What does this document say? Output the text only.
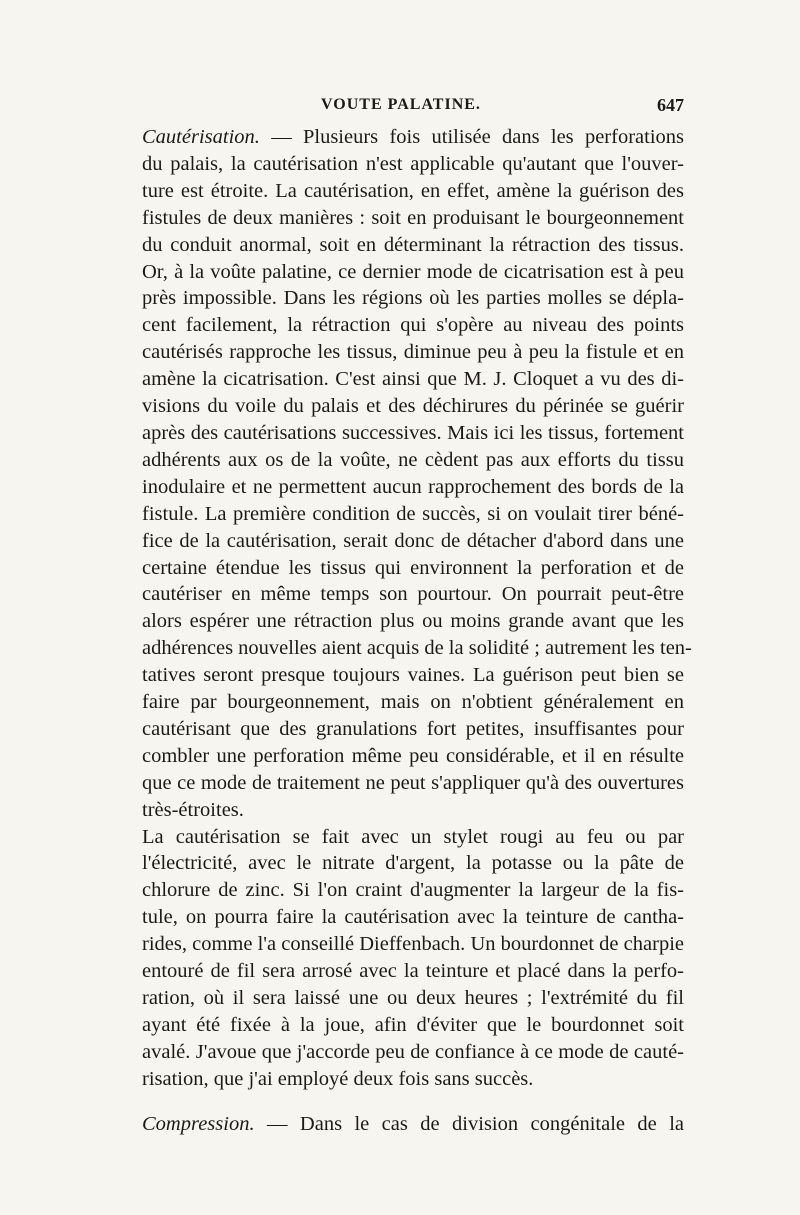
VOUTE PALATINE.	647

Cautérisation. — Plusieurs fois utilisée dans les perforations
du palais, la cautérisation n'est applicable qu'autant que l'ouver-
ture est étroite. La cautérisation, en effet, amène la guérison des
fistules de deux manières : soit en produisant le bourgeonnement
du conduit anormal, soit en déterminant la rétraction des tissus.
Or, à la voûte palatine, ce dernier mode de cicatrisation est à peu
près impossible. Dans les régions où les parties molles se dépla-
cent facilement, la rétraction qui s'opère au niveau des points
cautérisés rapproche les tissus, diminue peu à peu la fistule et en
amène la cicatrisation. C'est ainsi que M. J. Cloquet a vu des di-
visions du voile du palais et des déchirures du périnée se guérir
après des cautérisations successives. Mais ici les tissus, fortement
adhérents aux os de la voûte, ne cèdent pas aux efforts du tissu
inodulaire et ne permettent aucun rapprochement des bords de la
fistule. La première condition de succès, si on voulait tirer béné-
fice de la cautérisation, serait donc de détacher d'abord dans une
certaine étendue les tissus qui environnent la perforation et de
cautériser en même temps son pourtour. On pourrait peut-être
alors espérer une rétraction plus ou moins grande avant que les
adhérences nouvelles aient acquis de la solidité ; autrement les ten-
tatives seront presque toujours vaines. La guérison peut bien se
faire par bourgeonnement, mais on n'obtient généralement en
cautérisant que des granulations fort petites, insuffisantes pour
combler une perforation même peu considérable, et il en résulte
que ce mode de traitement ne peut s'appliquer qu'à des ouvertures
très-étroites.

La cautérisation se fait avec un stylet rougi au feu ou par
l'électricité, avec le nitrate d'argent, la potasse ou la pâte de
chlorure de zinc. Si l'on craint d'augmenter la largeur de la fis-
tule, on pourra faire la cautérisation avec la teinture de cantha-
rides, comme l'a conseillé Dieffenbach. Un bourdonnet de charpie
entouré de fil sera arrosé avec la teinture et placé dans la perfo-
ration, où il sera laissé une ou deux heures ; l'extrémité du fil
ayant été fixée à la joue, afin d'éviter que le bourdonnet soit
avalé. J'avoue que j'accorde peu de confiance à ce mode de cauté-
risation, que j'ai employé deux fois sans succès.

Compression. — Dans le cas de division congénitale de la
